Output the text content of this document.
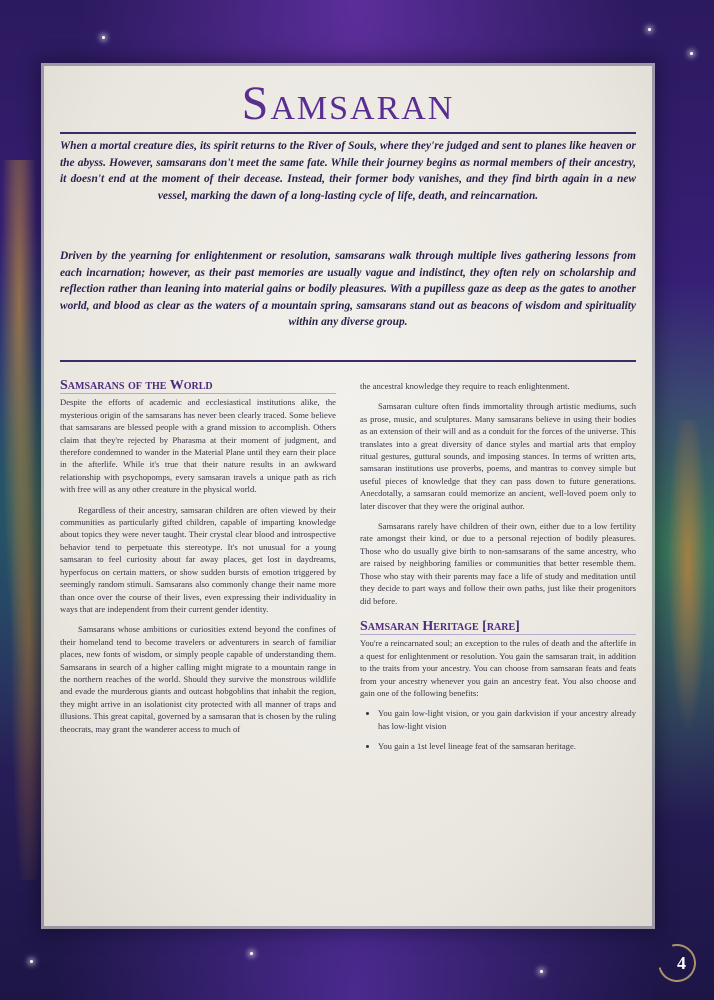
Samsaran

When a mortal creature dies, its spirit returns to the River of Souls, where they're judged and sent to planes like heaven or the abyss. However, samsarans don't meet the same fate. While their journey begins as normal members of their ancestry, it doesn't end at the moment of their decease. Instead, their former body vanishes, and they find birth again in a new vessel, marking the dawn of a long-lasting cycle of life, death, and reincarnation.

Driven by the yearning for enlightenment or resolution, samsarans walk through multiple lives gathering lessons from each incarnation; however, as their past memories are usually vague and indistinct, they often rely on scholarship and reflection rather than leaning into material gains or bodily pleasures. With a pupilless gaze as deep as the gates to another world, and blood as clear as the waters of a mountain spring, samsarans stand out as beacons of wisdom and spirituality within any diverse group.

Samsarans of the World

Despite the efforts of academic and ecclesiastical institutions alike, the mysterious origin of the samsarans has never been clearly traced. Some believe that samsarans are blessed people with a grand mission to accomplish. Others claim that they're rejected by Pharasma at their moment of judgment, and therefore condemned to wander in the Material Plane until they earn their place in the afterlife. While it's true that their nature results in an awkward relationship with psychopomps, every samsaran travels a unique path as rich with free will as any other creature in the physical world.

Regardless of their ancestry, samsaran children are often viewed by their communities as particularly gifted children, capable of imparting knowledge about topics they were never taught. Their crystal clear blood and introspective behavior tend to perpetuate this stereotype. It's not unusual for a young samsaran to feel curiosity about far away places, get lost in daydreams, hyperfocus on certain matters, or show sudden bursts of emotion triggered by seemingly random stimuli. Samsarans also commonly change their name more than once over the course of their lives, even expressing their individuality in ways that are independent from their current gender identity.

Samsarans whose ambitions or curiosities extend beyond the confines of their homeland tend to become travelers or adventurers in search of familiar places, new fonts of wisdom, or simply people capable of understanding them. Samsarans in search of a higher calling might migrate to a mountain range in the northern reaches of the world. Should they survive the monstrous wildlife and evade the murderous giants and outcast hobgoblins that inhabit the region, they might arrive in an isolationist city protected with all manner of traps and illusions. This great capital, governed by a samsaran that is chosen by the ruling theocrats, may grant the wanderer access to much of

the ancestral knowledge they require to reach enlightenment.

Samsaran culture often finds immortality through artistic mediums, such as prose, music, and sculptures. Many samsarans believe in using their bodies as an extension of their will and as a conduit for the forces of the universe. This translates into a great diversity of dance styles and martial arts that employ ritual gestures, guttural sounds, and imposing stances. In terms of written arts, samsaran institutions use proverbs, poems, and mantras to convey simple but useful pieces of knowledge that they can pass down to future generations. Anecdotally, a samsaran could memorize an ancient, well-loved poem only to later discover that they were the original author.

Samsarans rarely have children of their own, either due to a low fertility rate amongst their kind, or due to a personal rejection of bodily pleasures. Those who do usually give birth to non-samsarans of the same ancestry, who are raised by neighboring families or communities that better resemble them. Those who stay with their parents may face a life of study and meditation until they decide to part ways and follow their own paths, just like their progenitors did before.

Samsaran Heritage [rare]

You're a reincarnated soul; an exception to the rules of death and the afterlife in a quest for enlightenment or resolution. You gain the samsaran trait, in addition to the traits from your ancestry. You can choose from samsaran feats and feats from your ancestry whenever you gain an ancestry feat. You also choose and gain one of the following benefits:

• You gain low-light vision, or you gain darkvision if your ancestry already has low-light vision
• You gain a 1st level lineage feat of the samsaran heritage.
4
